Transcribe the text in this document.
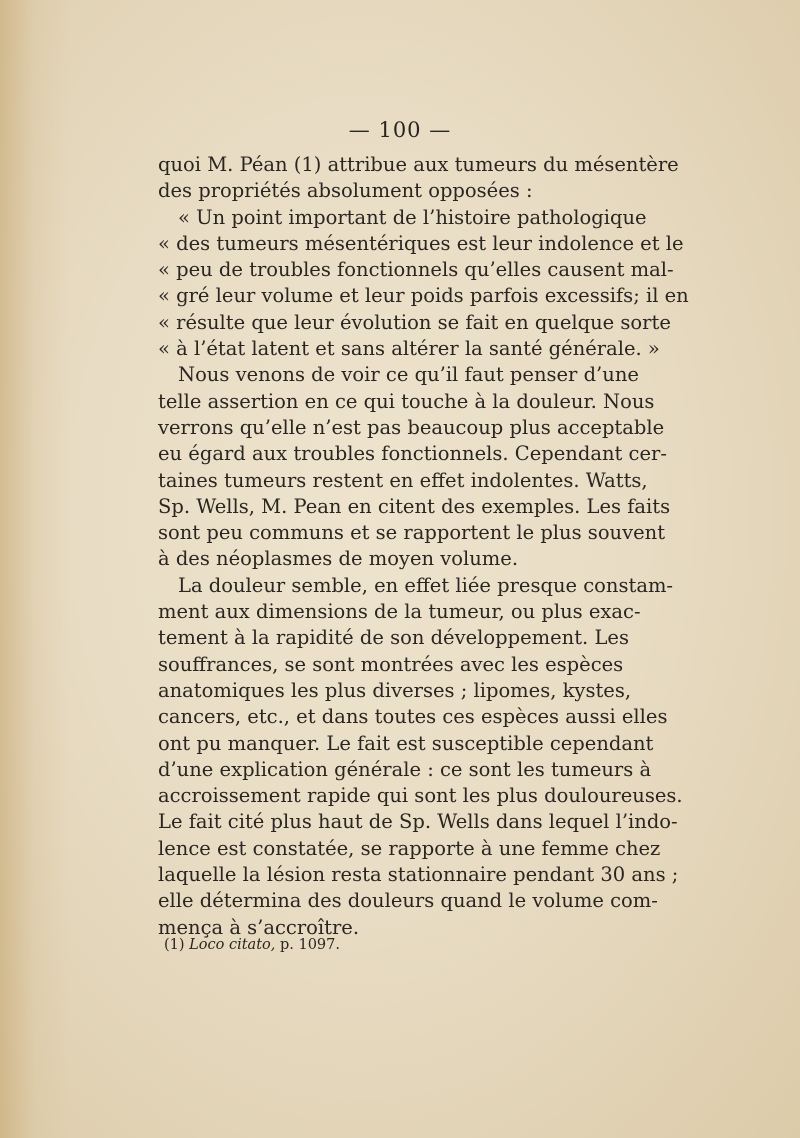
— 100 —
quoi M. Péan (1) attribue aux tumeurs du mésentère
des propriétés absolument opposées :
« Un point important de l’histoire pathologique
« des tumeurs mésentériques est leur indolence et le
« peu de troubles fonctionnels qu’elles causent mal-
« gré leur volume et leur poids parfois excessifs; il en
« résulte que leur évolution se fait en quelque sorte
« à l’état latent et sans altérer la santé générale. »
Nous venons de voir ce qu’il faut penser d’une
telle assertion en ce qui touche à la douleur. Nous
verrons qu’elle n’est pas beaucoup plus acceptable
eu égard aux troubles fonctionnels. Cependant cer-
taines tumeurs restent en effet indolentes. Watts,
Sp. Wells, M. Pean en citent des exemples. Les faits
sont peu communs et se rapportent le plus souvent
à des néoplasmes de moyen volume.
La douleur semble, en effet liée presque constam-
ment aux dimensions de la tumeur, ou plus exac-
tement à la rapidité de son développement. Les
souffrances, se sont montrées avec les espèces
anatomiques les plus diverses ; lipomes, kystes,
cancers, etc., et dans toutes ces espèces aussi elles
ont pu manquer. Le fait est susceptible cependant
d’une explication générale : ce sont les tumeurs à
accroissement rapide qui sont les plus douloureuses.
Le fait cité plus haut de Sp. Wells dans lequel l’indo-
lence est constatée, se rapporte à une femme chez
laquelle la lésion resta stationnaire pendant 30 ans ;
elle détermina des douleurs quand le volume com-
mença à s’accroître.
(1) Loco citato, p. 1097.
